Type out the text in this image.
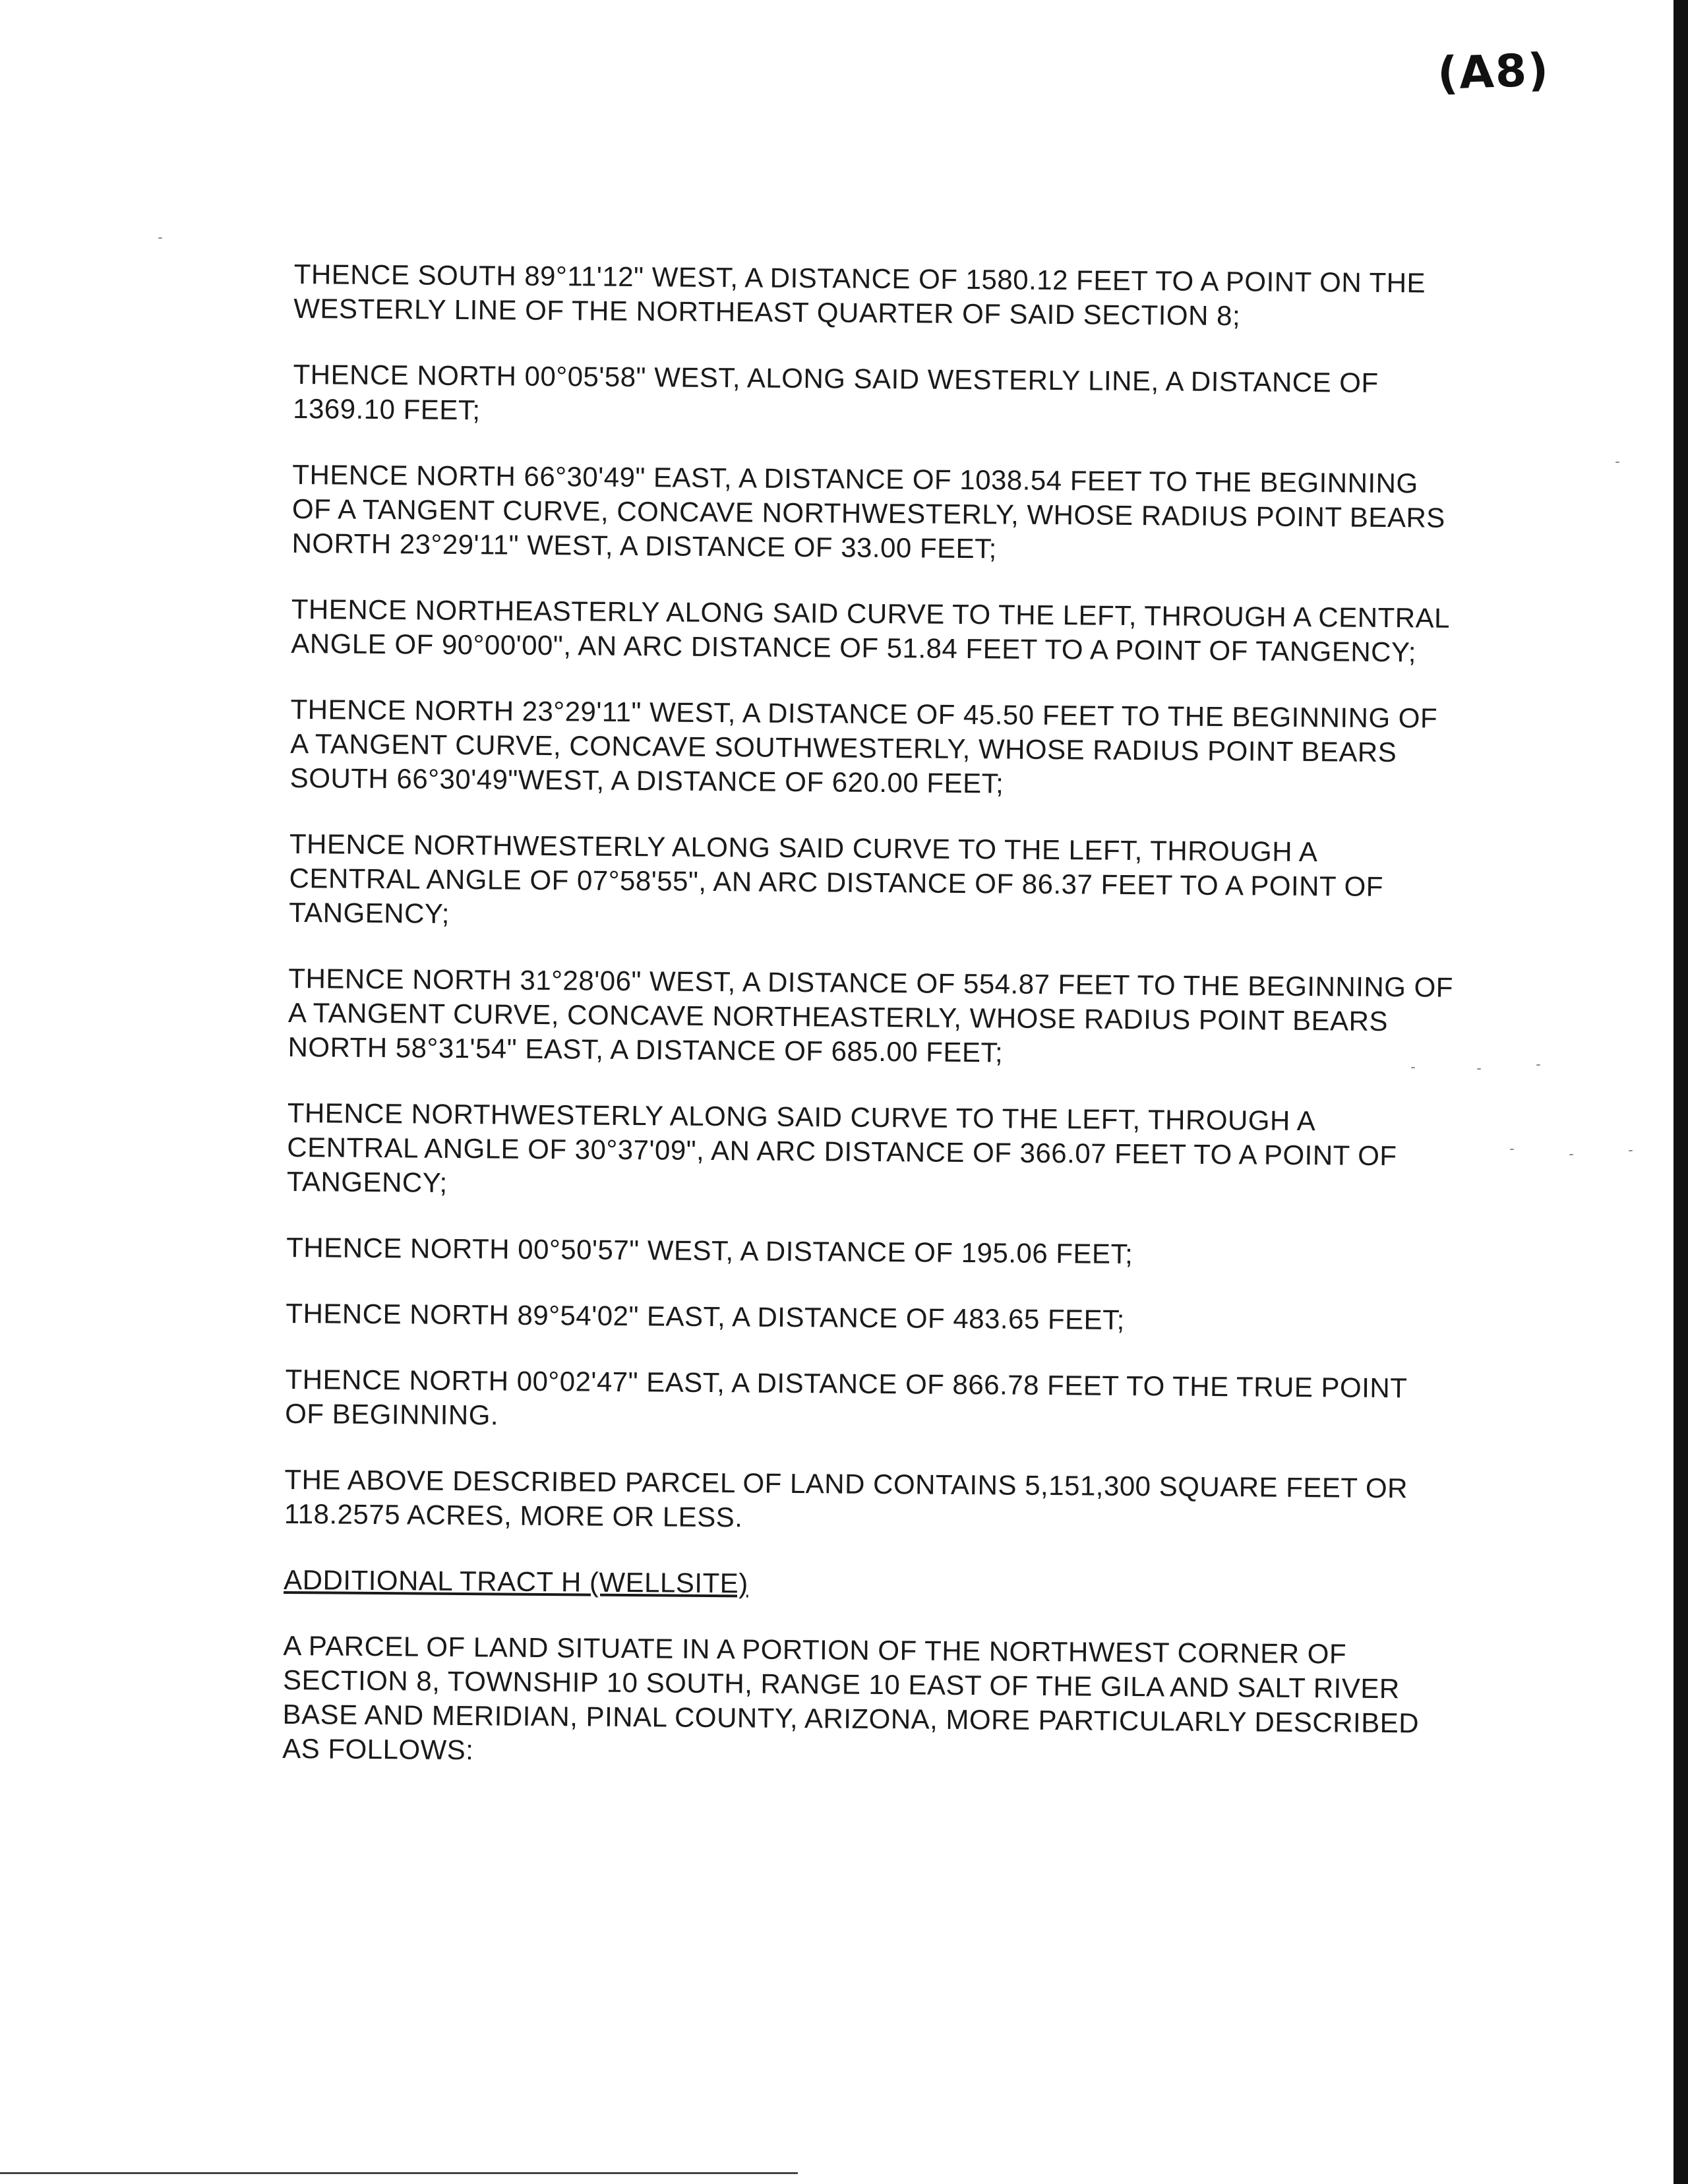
(A8)

THENCE SOUTH 89°11'12" WEST, A DISTANCE OF 1580.12 FEET TO A POINT ON THE
WESTERLY LINE OF THE NORTHEAST QUARTER OF SAID SECTION 8;

THENCE NORTH 00°05'58" WEST, ALONG SAID WESTERLY LINE, A DISTANCE OF
1369.10 FEET;

THENCE NORTH 66°30'49" EAST, A DISTANCE OF 1038.54 FEET TO THE BEGINNING
OF A TANGENT CURVE, CONCAVE NORTHWESTERLY, WHOSE RADIUS POINT BEARS
NORTH 23°29'11" WEST, A DISTANCE OF 33.00 FEET;

THENCE NORTHEASTERLY ALONG SAID CURVE TO THE LEFT, THROUGH A CENTRAL
ANGLE OF 90°00'00", AN ARC DISTANCE OF 51.84 FEET TO A POINT OF TANGENCY;

THENCE NORTH 23°29'11" WEST, A DISTANCE OF 45.50 FEET TO THE BEGINNING OF
A TANGENT CURVE, CONCAVE SOUTHWESTERLY, WHOSE RADIUS POINT BEARS
SOUTH 66°30'49"WEST, A DISTANCE OF 620.00 FEET;

THENCE NORTHWESTERLY ALONG SAID CURVE TO THE LEFT, THROUGH A
CENTRAL ANGLE OF 07°58'55", AN ARC DISTANCE OF 86.37 FEET TO A POINT OF
TANGENCY;

THENCE NORTH 31°28'06" WEST, A DISTANCE OF 554.87 FEET TO THE BEGINNING OF
A TANGENT CURVE, CONCAVE NORTHEASTERLY, WHOSE RADIUS POINT BEARS
NORTH 58°31'54" EAST, A DISTANCE OF 685.00 FEET;

THENCE NORTHWESTERLY ALONG SAID CURVE TO THE LEFT, THROUGH A
CENTRAL ANGLE OF 30°37'09", AN ARC DISTANCE OF 366.07 FEET TO A POINT OF
TANGENCY;

THENCE NORTH 00°50'57" WEST, A DISTANCE OF 195.06 FEET;

THENCE NORTH 89°54'02" EAST, A DISTANCE OF 483.65 FEET;

THENCE NORTH 00°02'47" EAST, A DISTANCE OF 866.78 FEET TO THE TRUE POINT
OF BEGINNING.

THE ABOVE DESCRIBED PARCEL OF LAND CONTAINS 5,151,300 SQUARE FEET OR
118.2575 ACRES, MORE OR LESS.

ADDITIONAL TRACT H (WELLSITE)

A PARCEL OF LAND SITUATE IN A PORTION OF THE NORTHWEST CORNER OF
SECTION 8, TOWNSHIP 10 SOUTH, RANGE 10 EAST OF THE GILA AND SALT RIVER
BASE AND MERIDIAN, PINAL COUNTY, ARIZONA, MORE PARTICULARLY DESCRIBED
AS FOLLOWS:
